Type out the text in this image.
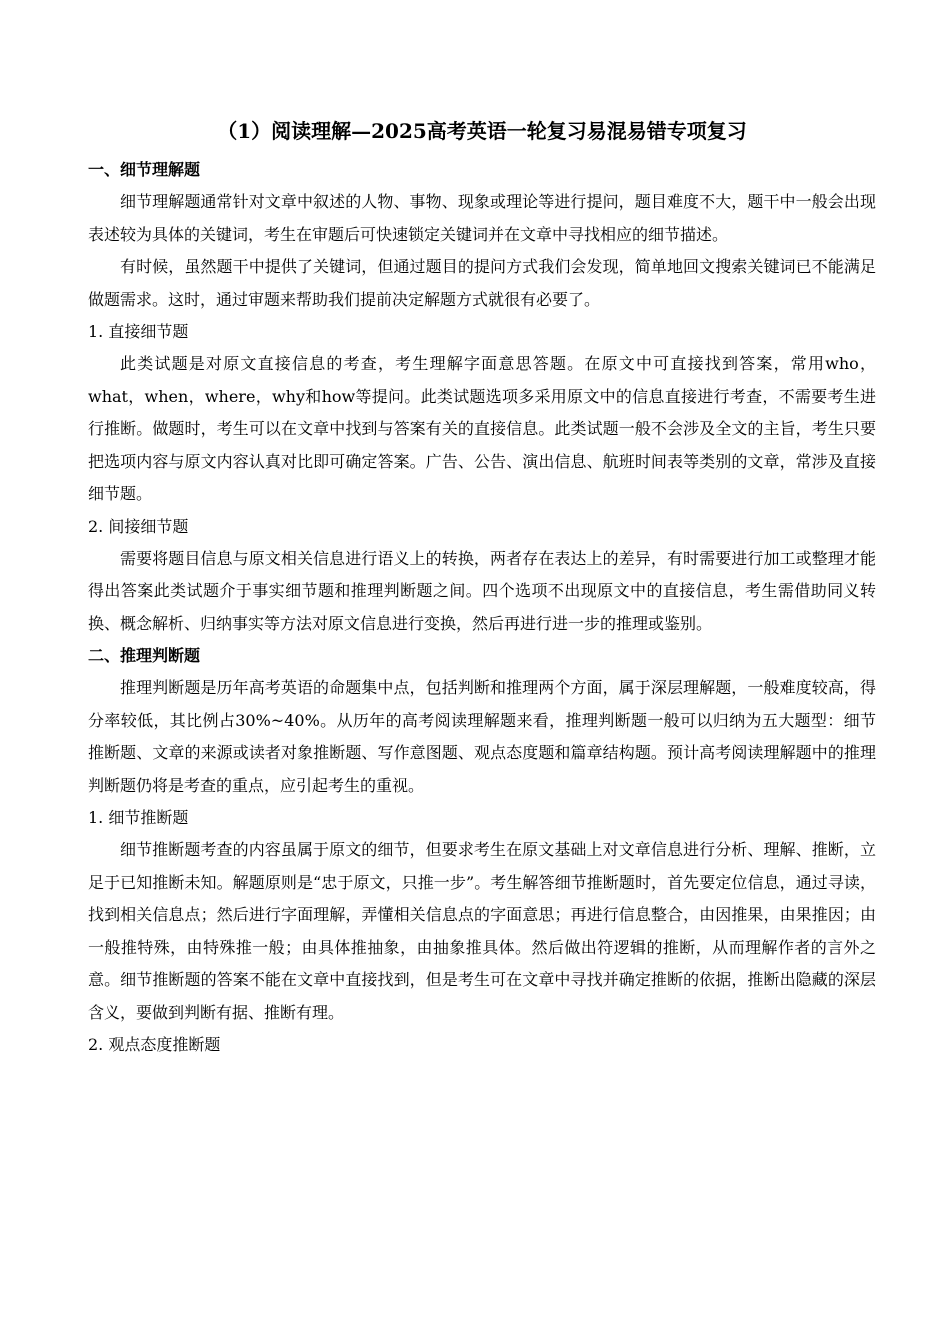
（1）阅读理解—2025高考英语一轮复习易混易错专项复习
一、细节理解题

细节理解题通常针对文章中叙述的人物、事物、现象或理论等进行提问，题目难度不大，题干中一般会出现表述较为具体的关键词，考生在审题后可快速锁定关键词并在文章中寻找相应的细节描述。

有时候，虽然题干中提供了关键词，但通过题目的提问方式我们会发现，简单地回文搜索关键词已不能满足做题需求。这时，通过审题来帮助我们提前决定解题方式就很有必要了。

1. 直接细节题

此类试题是对原文直接信息的考查，考生理解字面意思答题。在原文中可直接找到答案，常用who，what，when，where，why和how等提问。此类试题选项多采用原文中的信息直接进行考查，不需要考生进行推断。做题时，考生可以在文章中找到与答案有关的直接信息。此类试题一般不会涉及全文的主旨，考生只要把选项内容与原文内容认真对比即可确定答案。广告、公告、演出信息、航班时间表等类别的文章，常涉及直接细节题。

2. 间接细节题

需要将题目信息与原文相关信息进行语义上的转换，两者存在表达上的差异，有时需要进行加工或整理才能得出答案此类试题介于事实细节题和推理判断题之间。四个选项不出现原文中的直接信息，考生需借助同义转换、概念解析、归纳事实等方法对原文信息进行变换，然后再进行进一步的推理或鉴别。

二、推理判断题

推理判断题是历年高考英语的命题集中点，包括判断和推理两个方面，属于深层理解题，一般难度较高，得分率较低，其比例占30%~40%。从历年的高考阅读理解题来看，推理判断题一般可以归纳为五大题型：细节推断题、文章的来源或读者对象推断题、写作意图题、观点态度题和篇章结构题。预计高考阅读理解题中的推理判断题仍将是考查的重点，应引起考生的重视。

1. 细节推断题

细节推断题考查的内容虽属于原文的细节，但要求考生在原文基础上对文章信息进行分析、理解、推断，立足于已知推断未知。解题原则是“忠于原文，只推一步”。考生解答细节推断题时，首先要定位信息，通过寻读，找到相关信息点；然后进行字面理解，弄懂相关信息点的字面意思；再进行信息整合，由因推果，由果推因；由一般推特殊，由特殊推一般；由具体推抽象，由抽象推具体。然后做出符逻辑的推断，从而理解作者的言外之意。细节推断题的答案不能在文章中直接找到，但是考生可在文章中寻找并确定推断的依据，推断出隐藏的深层含义，要做到判断有据、推断有理。

2. 观点态度推断题
